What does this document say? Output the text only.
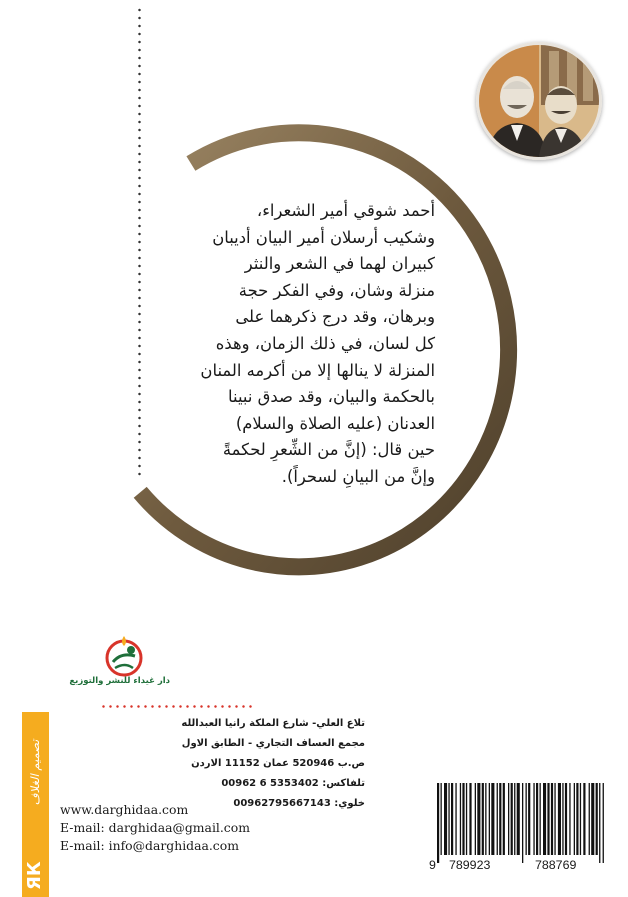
أحمد شوقي أمير الشعراء،

وشكيب أرسلان أمير البيان أديبان

كبيران لهما في الشعر والنثر

منزلة وشان، وفي الفكر حجة

وبرهان، وقد درج ذكرهما على

كل لسان، في ذلك الزمان، وهذه

المنزلة لا ينالها إلا من أكرمه المنان

بالحكمة والبيان، وقد صدق نبينا

العدنان (عليه الصلاة والسلام)

حين قال: (إنَّ من الشِّعرِ لحكمةً

وإنَّ من البيانِ لسحراً).

دار غيداء للنشر والتوزيع
تصميم الغلاف
ЯК
تلاع العلي- شارع الملكة رانيا العبدالله
مجمع العساف التجاري - الطابق الاول
ص.ب 520946 عمان 11152 الاردن
تلفاكس: 00962 6 5353402
خلوي: 00962795667143
www.darghidaa.com
E-mail: darghidaa@gmail.com
E-mail: info@darghidaa.com
9 789923	788769
